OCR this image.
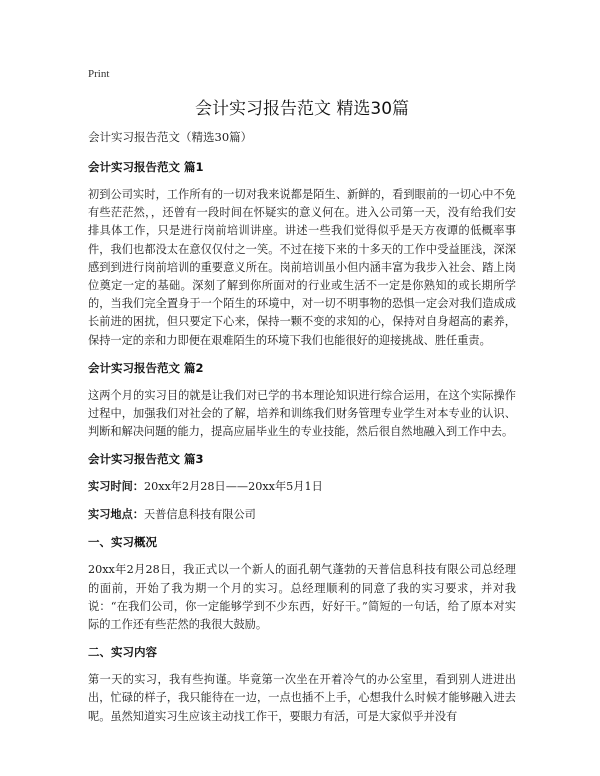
Print
会计实习报告范文 精选30篇
会计实习报告范文（精选30篇）
会计实习报告范文 篇1

初到公司实时，工作所有的一切对我来说都是陌生、新鲜的，看到眼前的一切心中不免有些茫茫然，，还曾有一段时间在怀疑实的意义何在。进入公司第一天，没有给我们安排具体工作，只是进行岗前培训讲座。讲述一些我们觉得似乎是天方夜谭的低概率事件，我们也都没太在意仅仅付之一笑。不过在接下来的十多天的工作中受益匪浅，深深感到到进行岗前培训的重要意义所在。岗前培训虽小但内涵丰富为我步入社会、踏上岗位奠定一定的基础。深刻了解到你所面对的行业或生活不一定是你熟知的或长期所学的，当我们完全置身于一个陌生的环境中，对一切不明事物的恐惧一定会对我们造成成长前进的困扰，但只要定下心来，保持一颗不变的求知的心，保持对自身超高的素养，保持一定的亲和力即便在艰难陌生的环境下我们也能很好的迎接挑战、胜任重责。

会计实习报告范文 篇2

这两个月的实习目的就是让我们对已学的书本理论知识进行综合运用，在这个实际操作过程中，加强我们对社会的了解，培养和训练我们财务管理专业学生对本专业的认识、判断和解决问题的能力，提高应届毕业生的专业技能，然后很自然地融入到工作中去。

会计实习报告范文 篇3
实习时间：20xx年2月28日——20xx年5月1日
实习地点：天普信息科技有限公司
一、实习概况

20xx年2月28日，我正式以一个新人的面孔朝气蓬勃的天普信息科技有限公司总经理的面前，开始了我为期一个月的实习。总经理顺利的同意了我的实习要求，并对我说：“在我们公司，你一定能够学到不少东西，好好干。”简短的一句话，给了原本对实际的工作还有些茫然的我很大鼓励。

二、实习内容

第一天的实习，我有些拘谨。毕竟第一次坐在开着冷气的办公室里，看到别人进进出出，忙碌的样子，我只能待在一边，一点也插不上手，心想我什么时候才能够融入进去呢。虽然知道实习生应该主动找工作干，要眼力有活，可是大家似乎并没有
